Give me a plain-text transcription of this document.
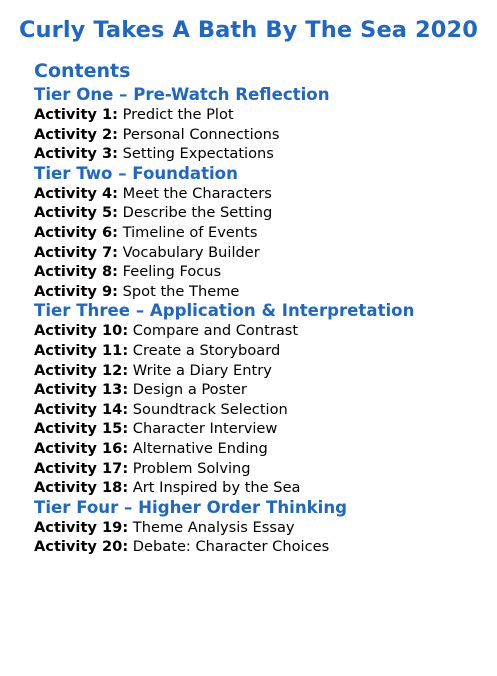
Curly Takes A Bath By The Sea 2020
Contents
Tier One – Pre-Watch Reflection
Activity 1: Predict the Plot
Activity 2: Personal Connections
Activity 3: Setting Expectations
Tier Two – Foundation
Activity 4: Meet the Characters
Activity 5: Describe the Setting
Activity 6: Timeline of Events
Activity 7: Vocabulary Builder
Activity 8: Feeling Focus
Activity 9: Spot the Theme
Tier Three – Application & Interpretation
Activity 10: Compare and Contrast
Activity 11: Create a Storyboard
Activity 12: Write a Diary Entry
Activity 13: Design a Poster
Activity 14: Soundtrack Selection
Activity 15: Character Interview
Activity 16: Alternative Ending
Activity 17: Problem Solving
Activity 18: Art Inspired by the Sea
Tier Four – Higher Order Thinking
Activity 19: Theme Analysis Essay
Activity 20: Debate: Character Choices
